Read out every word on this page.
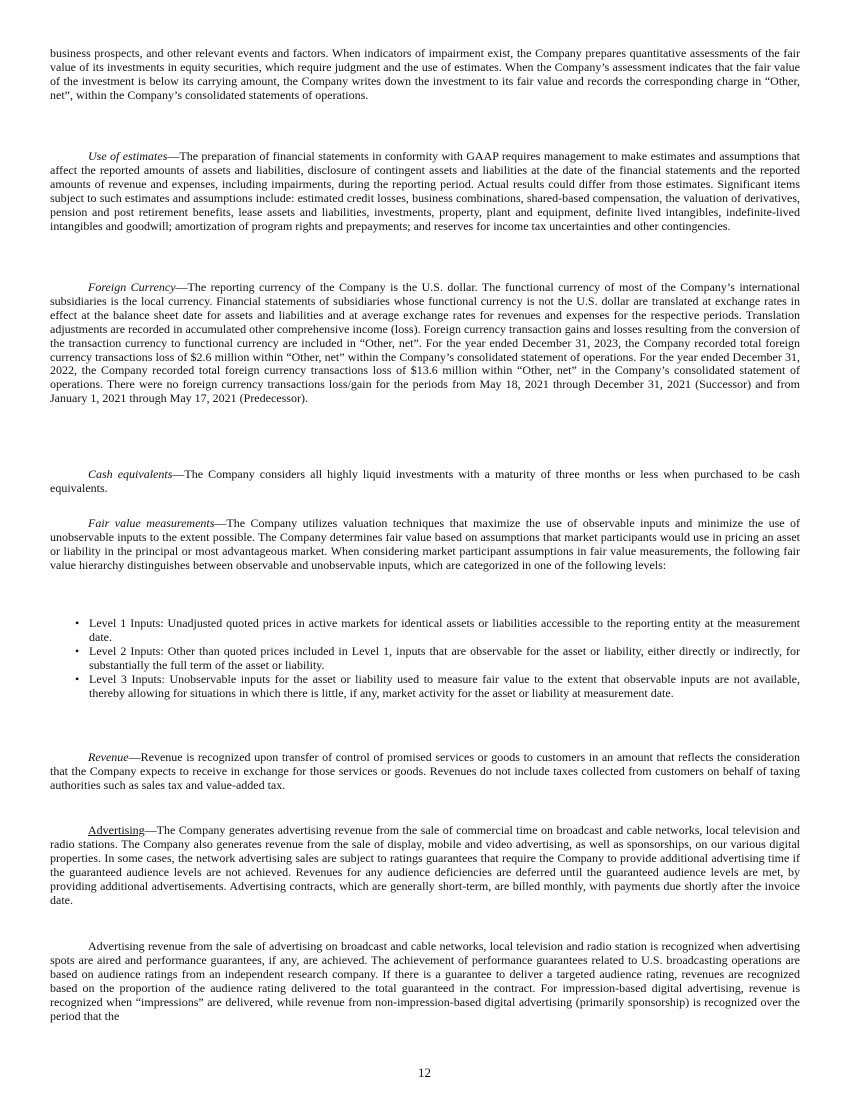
business prospects, and other relevant events and factors. When indicators of impairment exist, the Company prepares quantitative assessments of the fair value of its investments in equity securities, which require judgment and the use of estimates. When the Company’s assessment indicates that the fair value of the investment is below its carrying amount, the Company writes down the investment to its fair value and records the corresponding charge in “Other, net”, within the Company’s consolidated statements of operations.

Use of estimates—The preparation of financial statements in conformity with GAAP requires management to make estimates and assumptions that affect the reported amounts of assets and liabilities, disclosure of contingent assets and liabilities at the date of the financial statements and the reported amounts of revenue and expenses, including impairments, during the reporting period. Actual results could differ from those estimates. Significant items subject to such estimates and assumptions include: estimated credit losses, business combinations, shared-based compensation, the valuation of derivatives, pension and post retirement benefits, lease assets and liabilities, investments, property, plant and equipment, definite lived intangibles, indefinite-lived intangibles and goodwill; amortization of program rights and prepayments; and reserves for income tax uncertainties and other contingencies.

Foreign Currency—The reporting currency of the Company is the U.S. dollar. The functional currency of most of the Company’s international subsidiaries is the local currency. Financial statements of subsidiaries whose functional currency is not the U.S. dollar are translated at exchange rates in effect at the balance sheet date for assets and liabilities and at average exchange rates for revenues and expenses for the respective periods. Translation adjustments are recorded in accumulated other comprehensive income (loss). Foreign currency transaction gains and losses resulting from the conversion of the transaction currency to functional currency are included in “Other, net”. For the year ended December 31, 2023, the Company recorded total foreign currency transactions loss of $2.6 million within “Other, net” within the Company’s consolidated statement of operations. For the year ended December 31, 2022, the Company recorded total foreign currency transactions loss of $13.6 million within “Other, net” in the Company’s consolidated statement of operations. There were no foreign currency transactions loss/gain for the periods from May 18, 2021 through December 31, 2021 (Successor) and from January 1, 2021 through May 17, 2021 (Predecessor).

Cash equivalents—The Company considers all highly liquid investments with a maturity of three months or less when purchased to be cash equivalents.

Fair value measurements—The Company utilizes valuation techniques that maximize the use of observable inputs and minimize the use of unobservable inputs to the extent possible. The Company determines fair value based on assumptions that market participants would use in pricing an asset or liability in the principal or most advantageous market. When considering market participant assumptions in fair value measurements, the following fair value hierarchy distinguishes between observable and unobservable inputs, which are categorized in one of the following levels:

• Level 1 Inputs: Unadjusted quoted prices in active markets for identical assets or liabilities accessible to the reporting entity at the measurement date.
• Level 2 Inputs: Other than quoted prices included in Level 1, inputs that are observable for the asset or liability, either directly or indirectly, for substantially the full term of the asset or liability.
• Level 3 Inputs: Unobservable inputs for the asset or liability used to measure fair value to the extent that observable inputs are not available, thereby allowing for situations in which there is little, if any, market activity for the asset or liability at measurement date.

Revenue—Revenue is recognized upon transfer of control of promised services or goods to customers in an amount that reflects the consideration that the Company expects to receive in exchange for those services or goods. Revenues do not include taxes collected from customers on behalf of taxing authorities such as sales tax and value-added tax.

Advertising—The Company generates advertising revenue from the sale of commercial time on broadcast and cable networks, local television and radio stations. The Company also generates revenue from the sale of display, mobile and video advertising, as well as sponsorships, on our various digital properties. In some cases, the network advertising sales are subject to ratings guarantees that require the Company to provide additional advertising time if the guaranteed audience levels are not achieved. Revenues for any audience deficiencies are deferred until the guaranteed audience levels are met, by providing additional advertisements. Advertising contracts, which are generally short-term, are billed monthly, with payments due shortly after the invoice date.

Advertising revenue from the sale of advertising on broadcast and cable networks, local television and radio station is recognized when advertising spots are aired and performance guarantees, if any, are achieved. The achievement of performance guarantees related to U.S. broadcasting operations are based on audience ratings from an independent research company. If there is a guarantee to deliver a targeted audience rating, revenues are recognized based on the proportion of the audience rating delivered to the total guaranteed in the contract. For impression-based digital advertising, revenue is recognized when “impressions” are delivered, while revenue from non-impression-based digital advertising (primarily sponsorship) is recognized over the period that the

12
